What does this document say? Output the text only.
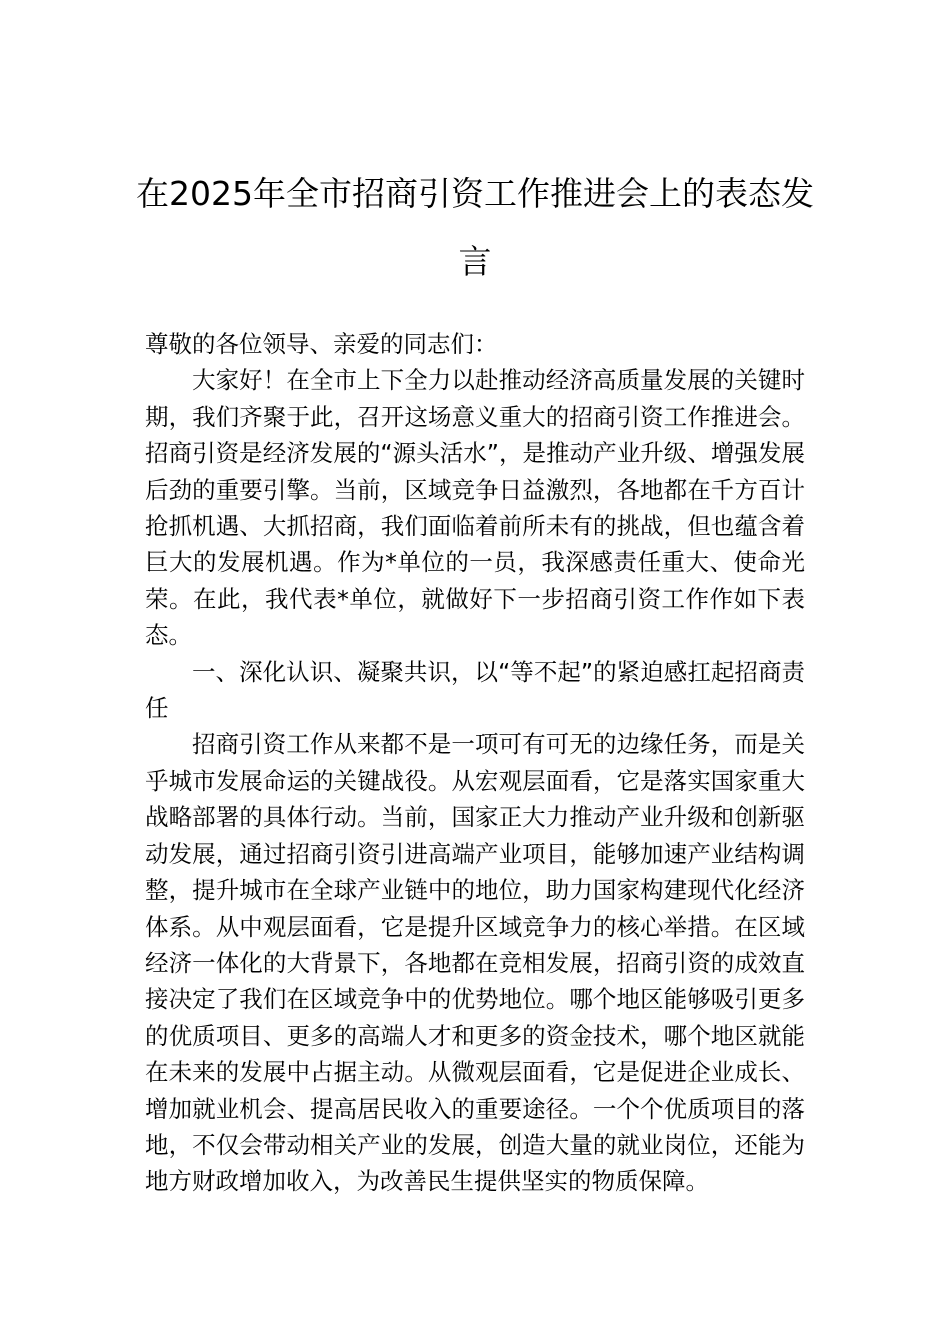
在2025年全市招商引资工作推进会上的表态发言

尊敬的各位领导、亲爱的同志们：

大家好！在全市上下全力以赴推动经济高质量发展的关键时期，我们齐聚于此，召开这场意义重大的招商引资工作推进会。招商引资是经济发展的“源头活水”，是推动产业升级、增强发展后劲的重要引擎。当前，区域竞争日益激烈，各地都在千方百计抢抓机遇、大抓招商，我们面临着前所未有的挑战，但也蕴含着巨大的发展机遇。作为*单位的一员，我深感责任重大、使命光荣。在此，我代表*单位，就做好下一步招商引资工作作如下表态。

一、深化认识、凝聚共识，以“等不起”的紧迫感扛起招商责任

招商引资工作从来都不是一项可有可无的边缘任务，而是关乎城市发展命运的关键战役。从宏观层面看，它是落实国家重大战略部署的具体行动。当前，国家正大力推动产业升级和创新驱动发展，通过招商引资引进高端产业项目，能够加速产业结构调整，提升城市在全球产业链中的地位，助力国家构建现代化经济体系。从中观层面看，它是提升区域竞争力的核心举措。在区域经济一体化的大背景下，各地都在竞相发展，招商引资的成效直接决定了我们在区域竞争中的优势地位。哪个地区能够吸引更多的优质项目、更多的高端人才和更多的资金技术，哪个地区就能在未来的发展中占据主动。从微观层面看，它是促进企业成长、增加就业机会、提高居民收入的重要途径。一个个优质项目的落地，不仅会带动相关产业的发展，创造大量的就业岗位，还能为地方财政增加收入，为改善民生提供坚实的物质保障。
